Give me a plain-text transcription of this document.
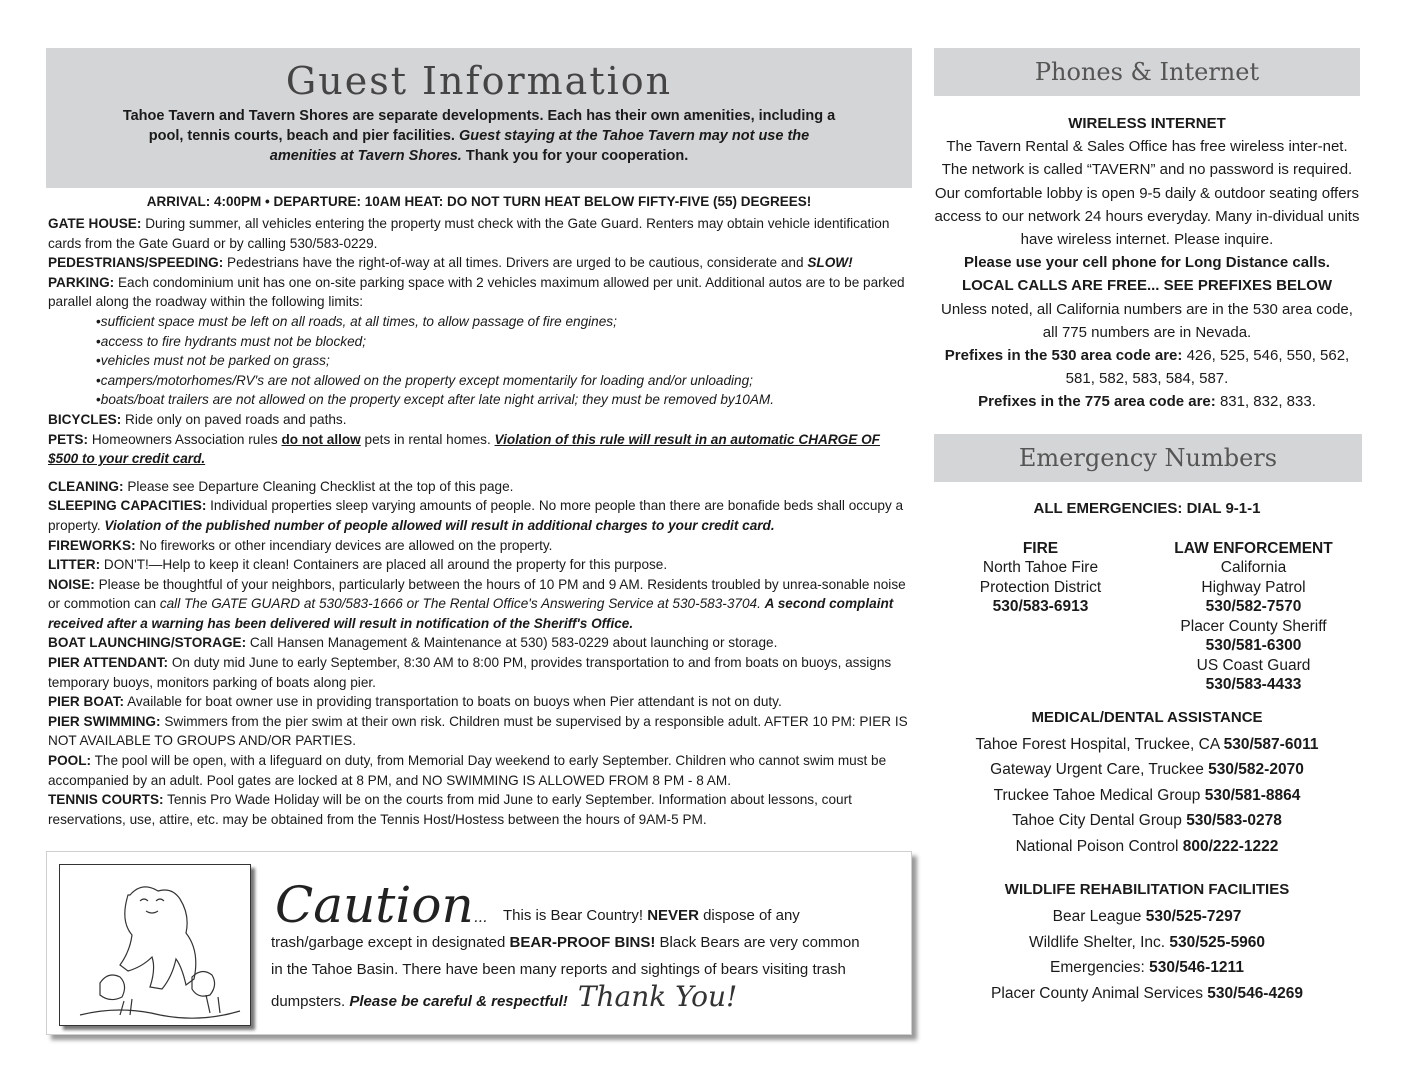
Guest Information
Tahoe Tavern and Tavern Shores are separate developments. Each has their own amenities, including a pool, tennis courts, beach and pier facilities. Guest staying at the Tahoe Tavern may not use the amenities at Tavern Shores. Thank you for your cooperation.
ARRIVAL: 4:00PM • DEPARTURE: 10AM HEAT: DO NOT TURN HEAT BELOW FIFTY-FIVE (55) DEGREES!

GATE HOUSE: During summer, all vehicles entering the property must check with the Gate Guard. Renters may obtain vehicle identification cards from the Gate Guard or by calling 530/583-0229.

PEDESTRIANS/SPEEDING: Pedestrians have the right-of-way at all times. Drivers are urged to be cautious, considerate and SLOW!

PARKING: Each condominium unit has one on-site parking space with 2 vehicles maximum allowed per unit. Additional autos are to be parked parallel along the roadway within the following limits:

• sufficient space must be left on all roads, at all times, to allow passage of fire engines;
• access to fire hydrants must not be blocked;
• vehicles must not be parked on grass;
• campers/motorhomes/RV's are not allowed on the property except momentarily for loading and/or unloading;
• boats/boat trailers are not allowed on the property except after late night arrival; they must be removed by10AM.

BICYCLES: Ride only on paved roads and paths.

PETS: Homeowners Association rules do not allow pets in rental homes. Violation of this rule will result in an automatic CHARGE OF $500 to your credit card.

CLEANING: Please see Departure Cleaning Checklist at the top of this page.

SLEEPING CAPACITIES: Individual properties sleep varying amounts of people. No more people than there are bonafide beds shall occupy a property. Violation of the published number of people allowed will result in additional charges to your credit card.

FIREWORKS: No fireworks or other incendiary devices are allowed on the property.

LITTER: DON'T!—Help to keep it clean! Containers are placed all around the property for this purpose.

NOISE: Please be thoughtful of your neighbors, particularly between the hours of 10 PM and 9 AM. Residents troubled by unrea-sonable noise or commotion can call The GATE GUARD at 530/583-1666 or The Rental Office's Answering Service at 530-583-3704. A second complaint received after a warning has been delivered will result in notification of the Sheriff's Office.

BOAT LAUNCHING/STORAGE: Call Hansen Management & Maintenance at 530) 583-0229 about launching or storage.

PIER ATTENDANT: On duty mid June to early September, 8:30 AM to 8:00 PM, provides transportation to and from boats on buoys, assigns temporary buoys, monitors parking of boats along pier.

PIER BOAT: Available for boat owner use in providing transportation to boats on buoys when Pier attendant is not on duty.

PIER SWIMMING: Swimmers from the pier swim at their own risk. Children must be supervised by a responsible adult. AFTER 10 PM: PIER IS NOT AVAILABLE TO GROUPS AND/OR PARTIES.

POOL: The pool will be open, with a lifeguard on duty, from Memorial Day weekend to early September. Children who cannot swim must be accompanied by an adult. Pool gates are locked at 8 PM, and NO SWIMMING IS ALLOWED FROM 8 PM - 8 AM.

TENNIS COURTS: Tennis Pro Wade Holiday will be on the courts from mid June to early September. Information about lessons, court reservations, use, attire, etc. may be obtained from the Tennis Host/Hostess between the hours of 9AM-5 PM.

Caution...	This is Bear Country! NEVER dispose of any
trash/garbage except in designated BEAR-PROOF BINS! Black Bears are very common
in the Tahoe Basin. There have been many reports and sightings of bears visiting trash
dumpsters. Please be careful & respectful! Thank You!
Phones & Internet
WIRELESS INTERNET
The Tavern Rental & Sales Office has free wireless inter-net. The network is called “TAVERN” and no password is required. Our comfortable lobby is open 9-5 daily & outdoor seating offers access to our network 24 hours everyday. Many in-dividual units have wireless internet. Please inquire.
Please use your cell phone for Long Distance calls.
LOCAL CALLS ARE FREE... SEE PREFIXES BELOW
Unless noted, all California numbers are in the 530 area code, all 775 numbers are in Nevada.
Prefixes in the 530 area code are: 426, 525, 546, 550, 562, 581, 582, 583, 584, 587.
Prefixes in the 775 area code are: 831, 832, 833.
Emergency Numbers
ALL EMERGENCIES: DIAL 9-1-1
FIRE
North Tahoe Fire
Protection District
530/583-6913
LAW ENFORCEMENT
California
Highway Patrol
530/582-7570
Placer County Sheriff
530/581-6300
US Coast Guard
530/583-4433
MEDICAL/DENTAL ASSISTANCE
Tahoe Forest Hospital, Truckee, CA 530/587-6011
Gateway Urgent Care, Truckee 530/582-2070
Truckee Tahoe Medical Group 530/581-8864
Tahoe City Dental Group 530/583-0278
National Poison Control 800/222-1222
WILDLIFE REHABILITATION FACILITIES
Bear League 530/525-7297
Wildlife Shelter, Inc. 530/525-5960
Emergencies: 530/546-1211
Placer County Animal Services 530/546-4269
